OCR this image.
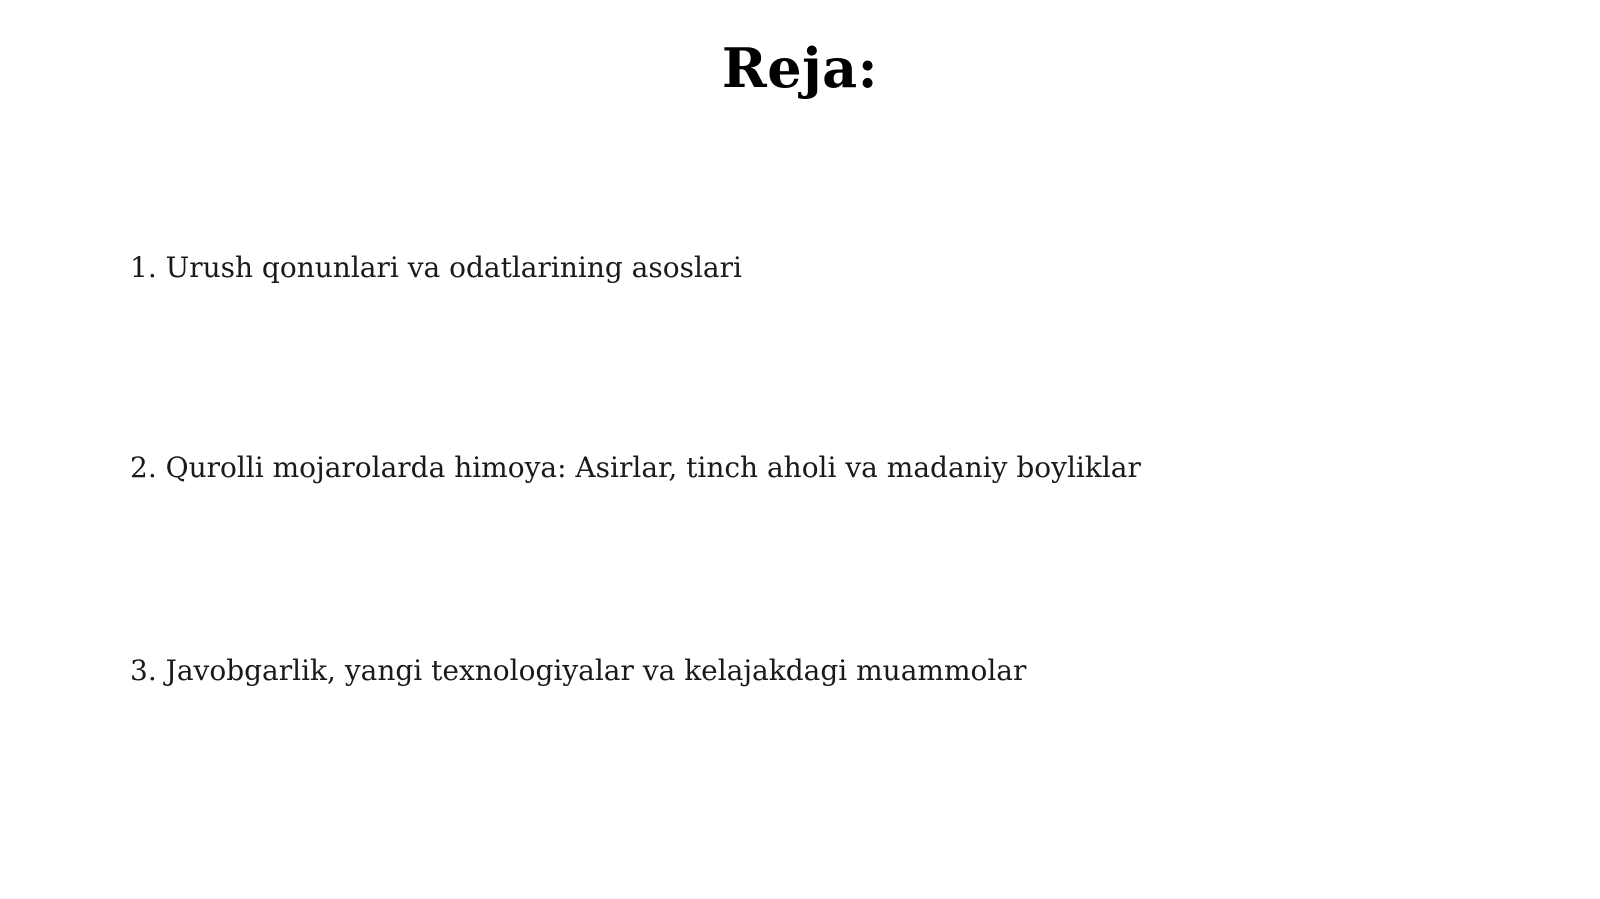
Reja:
1. Urush qonunlari va odatlarining asoslari
2. Qurolli mojarolarda himoya: Asirlar, tinch aholi va madaniy boyliklar
3. Javobgarlik, yangi texnologiyalar va kelajakdagi muammolar
